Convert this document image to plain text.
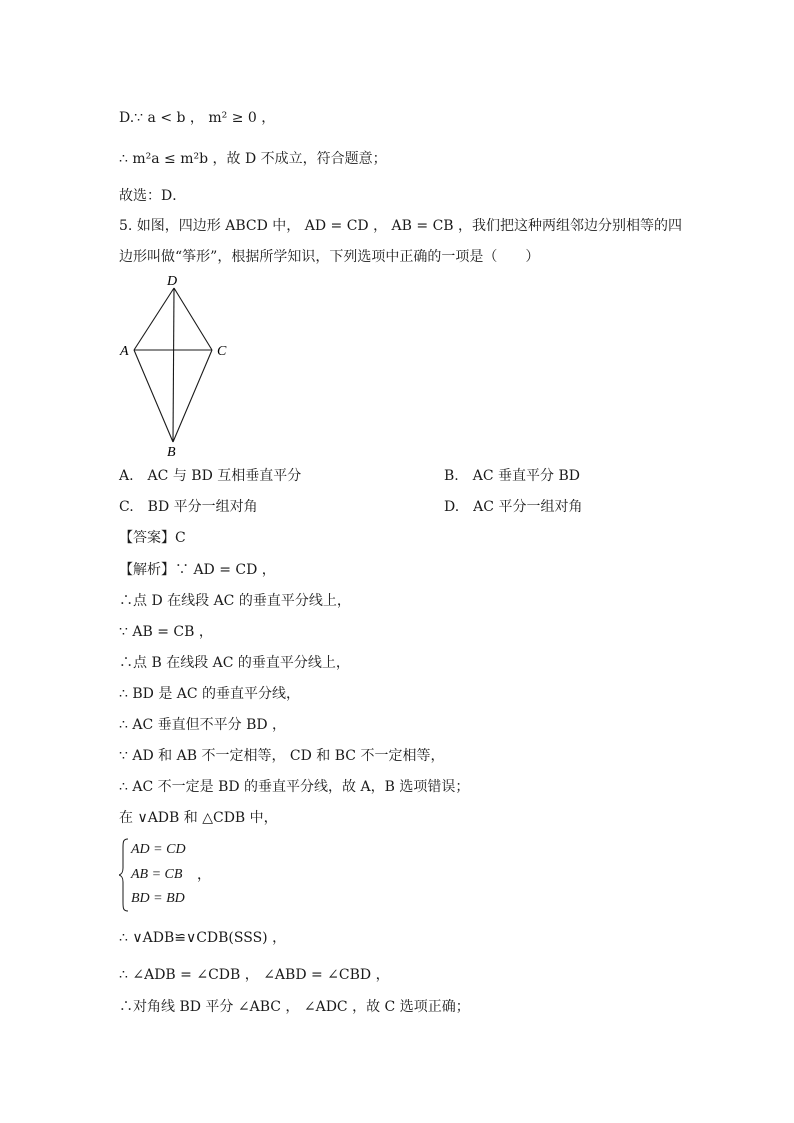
D.∵ a < b ， m² ≥ 0 ，
∴ m²a ≤ m²b ，故 D 不成立，符合题意；
故选：D．
5. 如图，四边形 ABCD 中， AD = CD ， AB = CB ，我们把这种两组邻边分别相等的四
边形叫做“筝形”，根据所学知识，下列选项中正确的一项是（　　）
D
A	C
B
A.　AC 与 BD 互相垂直平分	B.　AC 垂直平分 BD
C.　BD 平分一组对角	D.　AC 平分一组对角
【答案】C
【解析】∵ AD = CD ，
∴点 D 在线段 AC 的垂直平分线上，
∵ AB = CB ，
∴点 B 在线段 AC 的垂直平分线上，
∴ BD 是 AC 的垂直平分线，
∴ AC 垂直但不平分 BD ，
∵ AD 和 AB 不一定相等， CD 和 BC 不一定相等，
∴ AC 不一定是 BD 的垂直平分线，故 A，B 选项错误；
在 ∨ADB 和 △CDB 中，
AD = CD
AB = CB
BD = BD
，
∴ ∨ADB≌∨CDB(SSS) ，
∴ ∠ADB = ∠CDB ， ∠ABD = ∠CBD ，
∴对角线 BD 平分 ∠ABC ， ∠ADC ，故 C 选项正确；
